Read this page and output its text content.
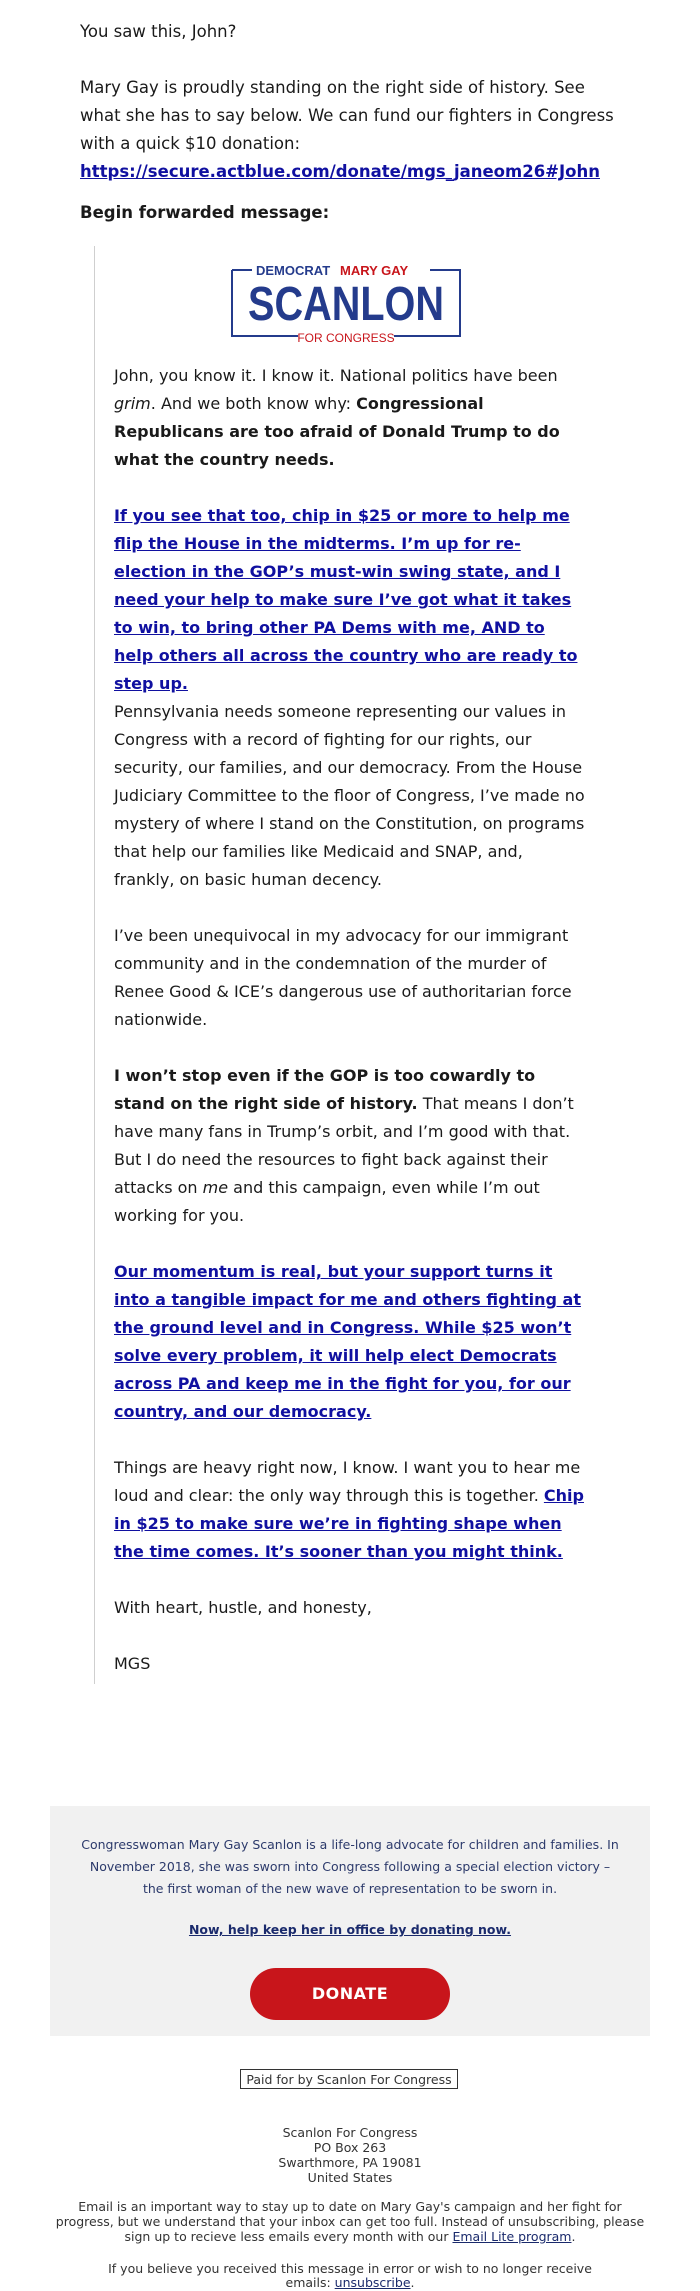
You saw this, John?

Mary Gay is proudly standing on the right side of history. See what she has to say below. We can fund our fighters in Congress with a quick $10 donation: https://secure.actblue.com/donate/mgs_janeom26#John

Begin forwarded message:

DEMOCRAT MARY GAY
SCANLON
FOR CONGRESS

John, you know it. I know it. National politics have been grim. And we both know why: Congressional Republicans are too afraid of Donald Trump to do what the country needs.

If you see that too, chip in $25 or more to help me flip the House in the midterms. I’m up for re-election in the GOP’s must-win swing state, and I need your help to make sure I’ve got what it takes to win, to bring other PA Dems with me, AND to help others all across the country who are ready to step up.

Pennsylvania needs someone representing our values in Congress with a record of fighting for our rights, our security, our families, and our democracy. From the House Judiciary Committee to the floor of Congress, I’ve made no mystery of where I stand on the Constitution, on programs that help our families like Medicaid and SNAP, and, frankly, on basic human decency.

I’ve been unequivocal in my advocacy for our immigrant community and in the condemnation of the murder of Renee Good & ICE’s dangerous use of authoritarian force nationwide.

I won’t stop even if the GOP is too cowardly to stand on the right side of history. That means I don’t have many fans in Trump’s orbit, and I’m good with that. But I do need the resources to fight back against their attacks on me and this campaign, even while I’m out working for you.

Our momentum is real, but your support turns it into a tangible impact for me and others fighting at the ground level and in Congress. While $25 won’t solve every problem, it will help elect Democrats across PA and keep me in the fight for you, for our country, and our democracy.

Things are heavy right now, I know. I want you to hear me loud and clear: the only way through this is together. Chip in $25 to make sure we’re in fighting shape when the time comes. It’s sooner than you might think.

With heart, hustle, and honesty,

MGS

Congresswoman Mary Gay Scanlon is a life-long advocate for children and families. In November 2018, she was sworn into Congress following a special election victory – the first woman of the new wave of representation to be sworn in.
Now, help keep her in office by donating now.
DONATE
Paid for by Scanlon For Congress
Scanlon For Congress
PO Box 263
Swarthmore, PA 19081
United States
Email is an important way to stay up to date on Mary Gay's campaign and her fight for progress, but we understand that your inbox can get too full. Instead of unsubscribing, please sign up to recieve less emails every month with our Email Lite program.
If you believe you received this message in error or wish to no longer receive emails: unsubscribe.
